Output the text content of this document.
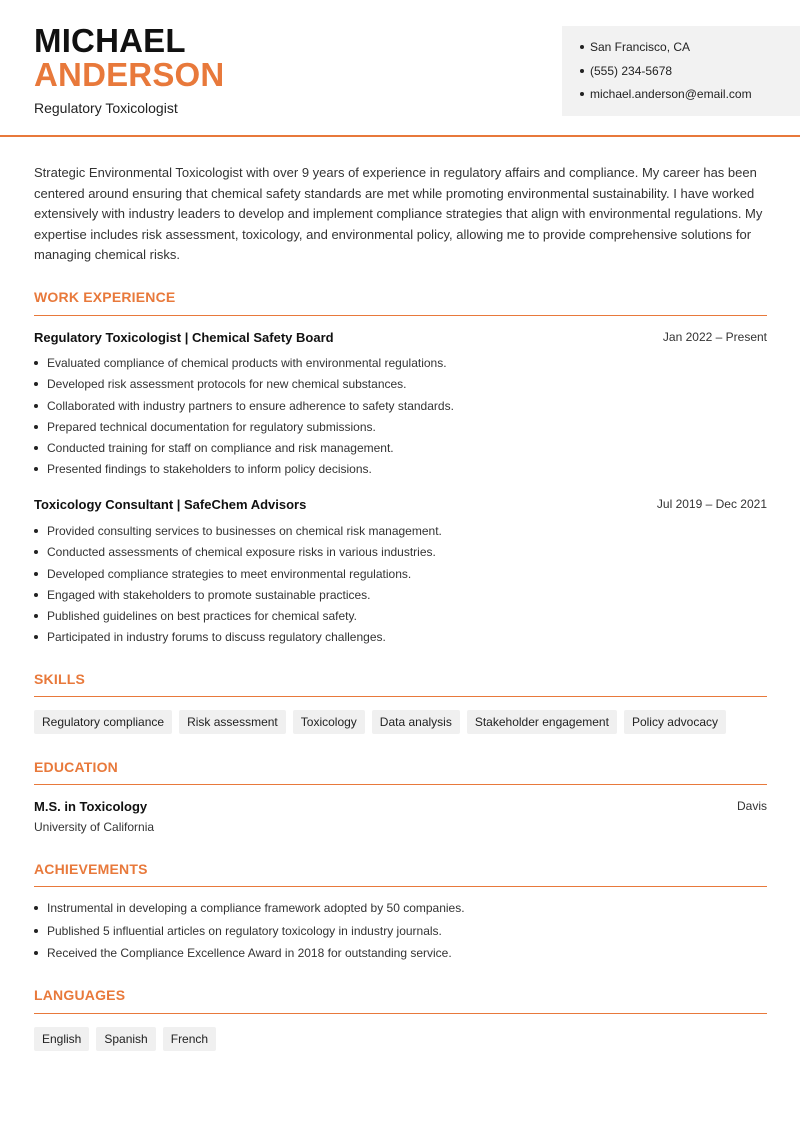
MICHAEL
ANDERSON
Regulatory Toxicologist
San Francisco, CA
(555) 234-5678
michael.anderson@email.com
Strategic Environmental Toxicologist with over 9 years of experience in regulatory affairs and compliance. My career has been centered around ensuring that chemical safety standards are met while promoting environmental sustainability. I have worked extensively with industry leaders to develop and implement compliance strategies that align with environmental regulations. My expertise includes risk assessment, toxicology, and environmental policy, allowing me to provide comprehensive solutions for managing chemical risks.
WORK EXPERIENCE
Regulatory Toxicologist | Chemical Safety Board	Jan 2022 – Present
Evaluated compliance of chemical products with environmental regulations.
Developed risk assessment protocols for new chemical substances.
Collaborated with industry partners to ensure adherence to safety standards.
Prepared technical documentation for regulatory submissions.
Conducted training for staff on compliance and risk management.
Presented findings to stakeholders to inform policy decisions.
Toxicology Consultant | SafeChem Advisors	Jul 2019 – Dec 2021
Provided consulting services to businesses on chemical risk management.
Conducted assessments of chemical exposure risks in various industries.
Developed compliance strategies to meet environmental regulations.
Engaged with stakeholders to promote sustainable practices.
Published guidelines on best practices for chemical safety.
Participated in industry forums to discuss regulatory challenges.
SKILLS
Regulatory compliance	Risk assessment	Toxicology	Data analysis	Stakeholder engagement	Policy advocacy
EDUCATION
M.S. in Toxicology	Davis
University of California
ACHIEVEMENTS
Instrumental in developing a compliance framework adopted by 50 companies.
Published 5 influential articles on regulatory toxicology in industry journals.
Received the Compliance Excellence Award in 2018 for outstanding service.
LANGUAGES
English	Spanish	French
